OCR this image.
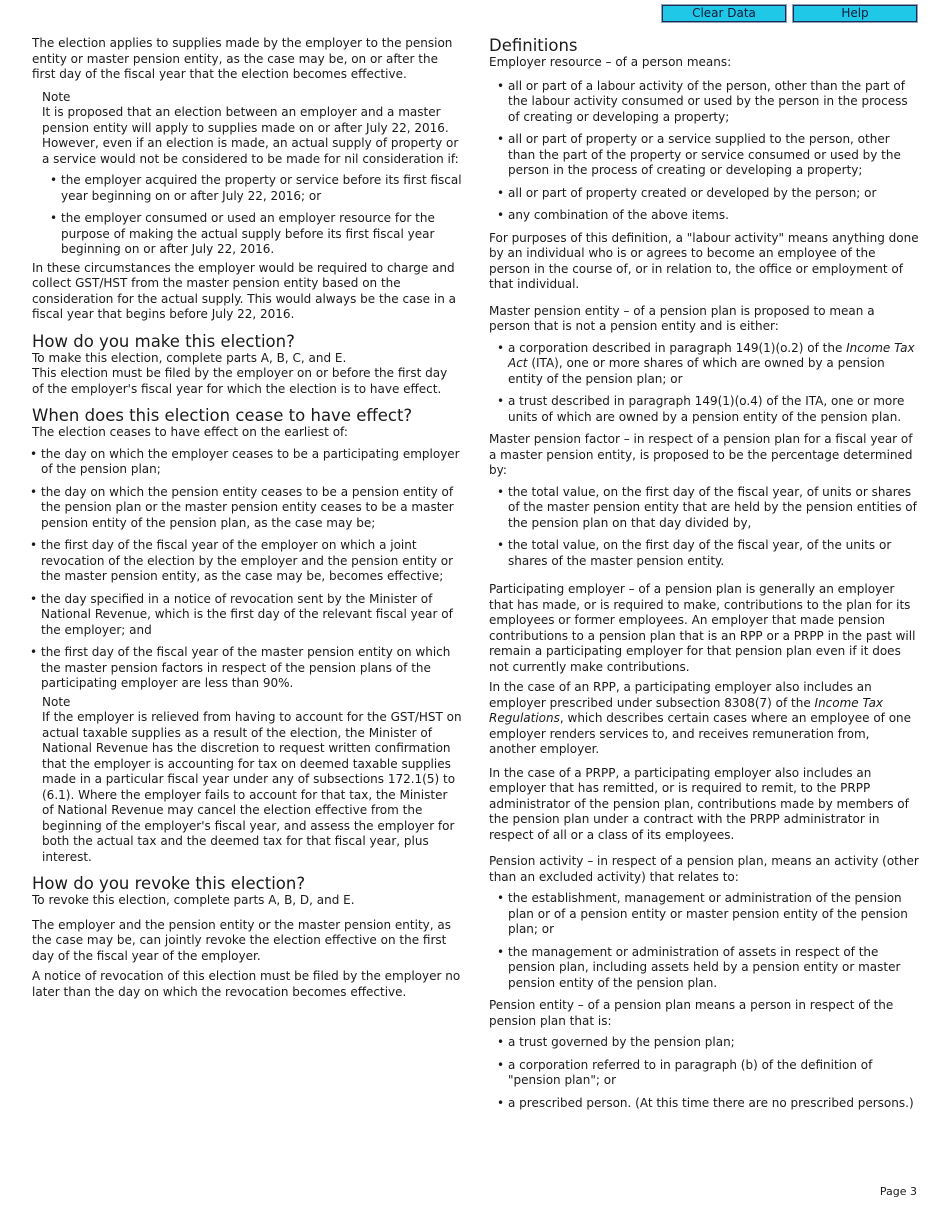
Clear Data	Help

The election applies to supplies made by the employer to the pension entity or master pension entity, as the case may be, on or after the first day of the fiscal year that the election becomes effective.

Note

It is proposed that an election between an employer and a master pension entity will apply to supplies made on or after July 22, 2016. However, even if an election is made, an actual supply of property or a service would not be considered to be made for nil consideration if:

• the employer acquired the property or service before its first fiscal year beginning on or after July 22, 2016; or
• the employer consumed or used an employer resource for the purpose of making the actual supply before its first fiscal year beginning on or after July 22, 2016.

In these circumstances the employer would be required to charge and collect GST/HST from the master pension entity based on the consideration for the actual supply. This would always be the case in a fiscal year that begins before July 22, 2016.

How do you make this election?

To make this election, complete parts A, B, C, and E.

This election must be filed by the employer on or before the first day of the employer's fiscal year for which the election is to have effect.

When does this election cease to have effect?

The election ceases to have effect on the earliest of:

• the day on which the employer ceases to be a participating employer of the pension plan;
• the day on which the pension entity ceases to be a pension entity of the pension plan or the master pension entity ceases to be a master pension entity of the pension plan, as the case may be;
• the first day of the fiscal year of the employer on which a joint revocation of the election by the employer and the pension entity or the master pension entity, as the case may be, becomes effective;
• the day specified in a notice of revocation sent by the Minister of National Revenue, which is the first day of the relevant fiscal year of the employer; and
• the first day of the fiscal year of the master pension entity on which the master pension factors in respect of the pension plans of the participating employer are less than 90%.
Note

If the employer is relieved from having to account for the GST/HST on actual taxable supplies as a result of the election, the Minister of National Revenue has the discretion to request written confirmation that the employer is accounting for tax on deemed taxable supplies made in a particular fiscal year under any of subsections 172.1(5) to (6.1). Where the employer fails to account for that tax, the Minister of National Revenue may cancel the election effective from the beginning of the employer's fiscal year, and assess the employer for both the actual tax and the deemed tax for that fiscal year, plus interest.

How do you revoke this election?

To revoke this election, complete parts A, B, D, and E.

The employer and the pension entity or the master pension entity, as the case may be, can jointly revoke the election effective on the first day of the fiscal year of the employer.

A notice of revocation of this election must be filed by the employer no later than the day on which the revocation becomes effective.

Definitions

Employer resource – of a person means:

• all or part of a labour activity of the person, other than the part of the labour activity consumed or used by the person in the process of creating or developing a property;
• all or part of property or a service supplied to the person, other than the part of the property or service consumed or used by the person in the process of creating or developing a property;
• all or part of property created or developed by the person; or
• any combination of the above items.

For purposes of this definition, a "labour activity" means anything done by an individual who is or agrees to become an employee of the person in the course of, or in relation to, the office or employment of that individual.

Master pension entity – of a pension plan is proposed to mean a person that is not a pension entity and is either:

• a corporation described in paragraph 149(1)(o.2) of the Income Tax Act (ITA), one or more shares of which are owned by a pension entity of the pension plan; or
• a trust described in paragraph 149(1)(o.4) of the ITA, one or more units of which are owned by a pension entity of the pension plan.

Master pension factor – in respect of a pension plan for a fiscal year of a master pension entity, is proposed to be the percentage determined by:

• the total value, on the first day of the fiscal year, of units or shares of the master pension entity that are held by the pension entities of the pension plan on that day divided by,
• the total value, on the first day of the fiscal year, of the units or shares of the master pension entity.

Participating employer – of a pension plan is generally an employer that has made, or is required to make, contributions to the plan for its employees or former employees. An employer that made pension contributions to a pension plan that is an RPP or a PRPP in the past will remain a participating employer for that pension plan even if it does not currently make contributions.

In the case of an RPP, a participating employer also includes an employer prescribed under subsection 8308(7) of the Income Tax Regulations, which describes certain cases where an employee of one employer renders services to, and receives remuneration from, another employer.

In the case of a PRPP, a participating employer also includes an employer that has remitted, or is required to remit, to the PRPP administrator of the pension plan, contributions made by members of the pension plan under a contract with the PRPP administrator in respect of all or a class of its employees.

Pension activity – in respect of a pension plan, means an activity (other than an excluded activity) that relates to:

• the establishment, management or administration of the pension plan or of a pension entity or master pension entity of the pension plan; or
• the management or administration of assets in respect of the pension plan, including assets held by a pension entity or master pension entity of the pension plan.

Pension entity – of a pension plan means a person in respect of the pension plan that is:

• a trust governed by the pension plan;
• a corporation referred to in paragraph (b) of the definition of "pension plan"; or
• a prescribed person. (At this time there are no prescribed persons.)
Page 3
